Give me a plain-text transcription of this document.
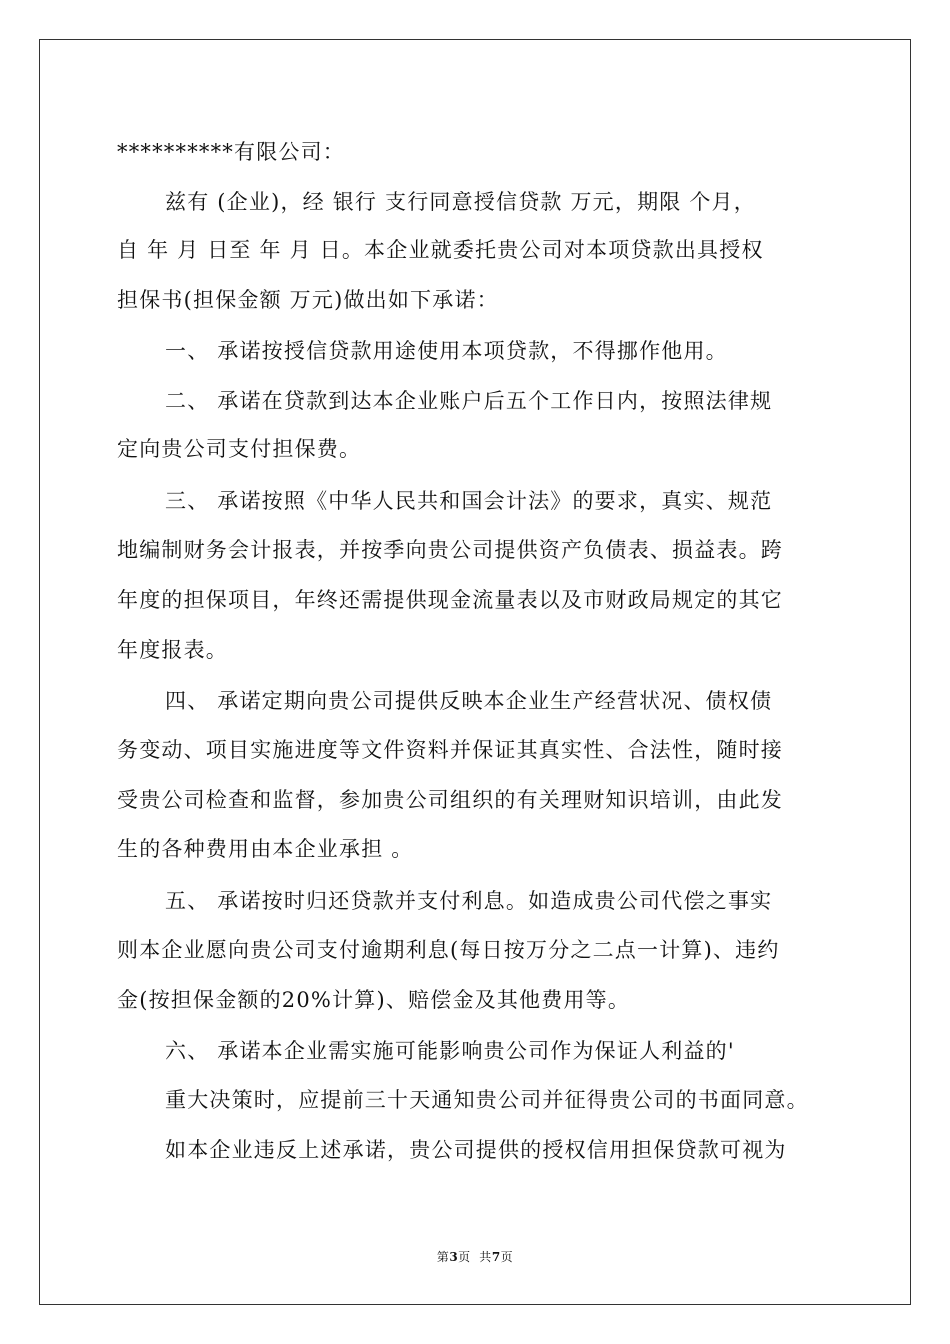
**********有限公司：
兹有 (企业)，经 银行 支行同意授信贷款 万元，期限 个月，
自 年 月 日至 年 月 日。本企业就委托贵公司对本项贷款出具授权
担保书(担保金额 万元)做出如下承诺：
一、 承诺按授信贷款用途使用本项贷款，不得挪作他用。
二、 承诺在贷款到达本企业账户后五个工作日内，按照法律规
定向贵公司支付担保费。
三、 承诺按照《中华人民共和国会计法》的要求，真实、规范
地编制财务会计报表，并按季向贵公司提供资产负债表、损益表。跨
年度的担保项目，年终还需提供现金流量表以及市财政局规定的其它
年度报表。
四、 承诺定期向贵公司提供反映本企业生产经营状况、债权债
务变动、项目实施进度等文件资料并保证其真实性、合法性，随时接
受贵公司检查和监督，参加贵公司组织的有关理财知识培训，由此发
生的各种费用由本企业承担 。
五、 承诺按时归还贷款并支付利息。如造成贵公司代偿之事实
则本企业愿向贵公司支付逾期利息(每日按万分之二点一计算)、违约
金(按担保金额的20%计算)、赔偿金及其他费用等。
六、 承诺本企业需实施可能影响贵公司作为保证人利益的'
重大决策时，应提前三十天通知贵公司并征得贵公司的书面同意。
如本企业违反上述承诺，贵公司提供的授权信用担保贷款可视为
第3页  共7页
